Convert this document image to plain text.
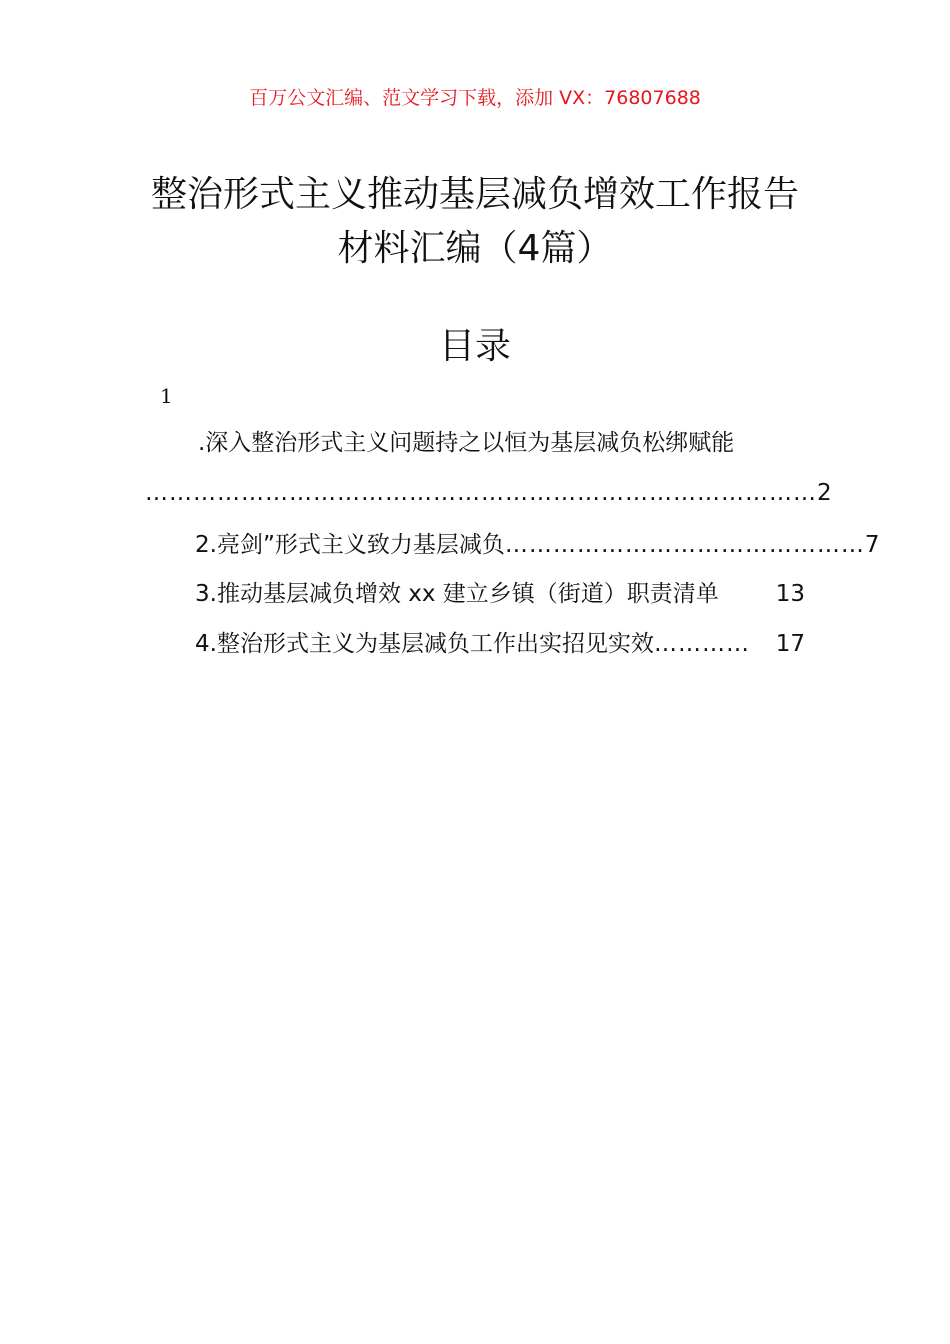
百万公文汇编、范文学习下载，添加 VX：76807688
整治形式主义推动基层减负增效工作报告
材料汇编（4篇）
目录
1
.深入整治形式主义问题持之以恒为基层减负松绑赋能
………………………………………………………………………… 2
2.亮剑”形式主义致力基层减负 ……………………………………… 7
3.推动基层减负增效 xx 建立乡镇（街道）职责清单 13
4.整治形式主义为基层减负工作出实招见实效 …………	17
